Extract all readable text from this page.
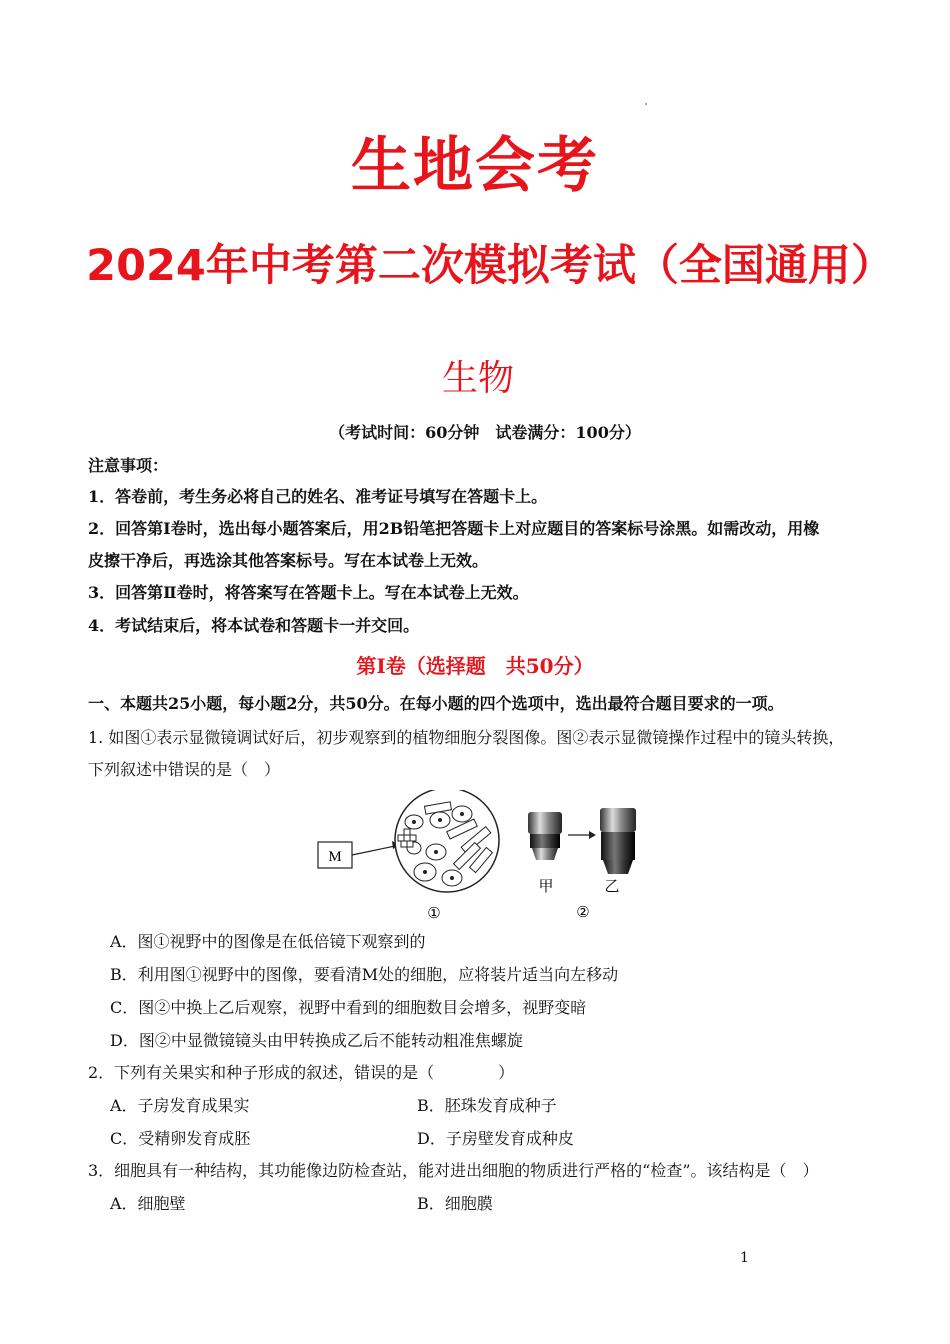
生地会考
2024年中考第二次模拟考试（全国通用）
生物
（考试时间：60分钟　试卷满分：100分）
注意事项：
1．答卷前，考生务必将自己的姓名、准考证号填写在答题卡上。
2．回答第Ⅰ卷时，选出每小题答案后，用2B铅笔把答题卡上对应题目的答案标号涂黑。如需改动，用橡
皮擦干净后，再选涂其他答案标号。写在本试卷上无效。
3．回答第Ⅱ卷时，将答案写在答题卡上。写在本试卷上无效。
4．考试结束后，将本试卷和答题卡一并交回。
第Ⅰ卷（选择题　共50分）
一、本题共25小题，每小题2分，共50分。在每小题的四个选项中，选出最符合题目要求的一项。
1. 如图①表示显微镜调试好后，初步观察到的植物细胞分裂图像。图②表示显微镜操作过程中的镜头转换，
下列叙述中错误的是（　）
M
①
甲	乙
②
A．图①视野中的图像是在低倍镜下观察到的
B．利用图①视野中的图像，要看清M处的细胞，应将装片适当向左移动
C．图②中换上乙后观察，视野中看到的细胞数目会增多，视野变暗
D．图②中显微镜镜头由甲转换成乙后不能转动粗准焦螺旋
2．下列有关果实和种子形成的叙述，错误的是（　　　　）
A．子房发育成果实	B．胚珠发育成种子
C．受精卵发育成胚	D．子房壁发育成种皮
3．细胞具有一种结构，其功能像边防检查站，能对进出细胞的物质进行严格的“检查”。该结构是（　）
A．细胞壁	B．细胞膜
1
